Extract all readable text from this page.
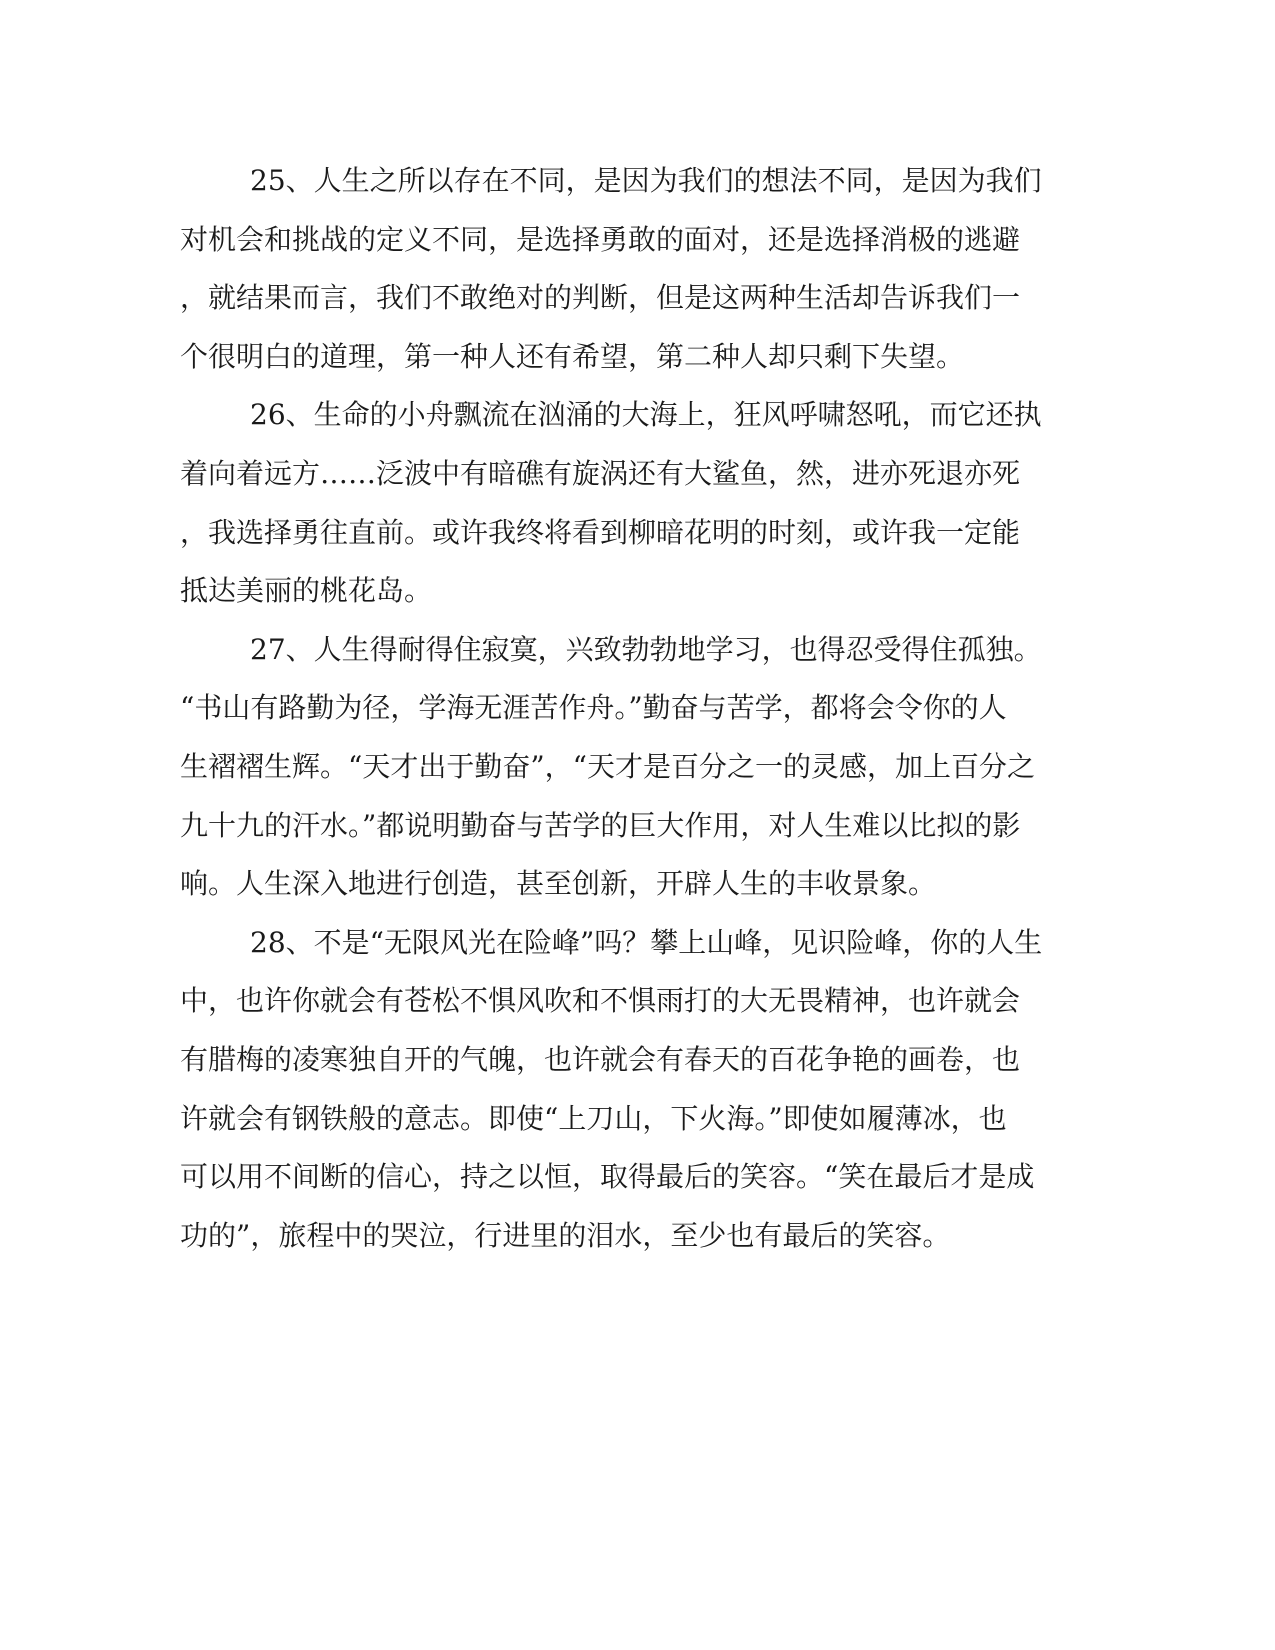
25、人生之所以存在不同，是因为我们的想法不同，是因为我们
对机会和挑战的定义不同，是选择勇敢的面对，还是选择消极的逃避
，就结果而言，我们不敢绝对的判断，但是这两种生活却告诉我们一
个很明白的道理，第一种人还有希望，第二种人却只剩下失望。
26、生命的小舟飘流在汹涌的大海上，狂风呼啸怒吼，而它还执
着向着远方……泛波中有暗礁有旋涡还有大鲨鱼，然，进亦死退亦死
，我选择勇往直前。或许我终将看到柳暗花明的时刻，或许我一定能
抵达美丽的桃花岛。
27、人生得耐得住寂寞，兴致勃勃地学习，也得忍受得住孤独。
“书山有路勤为径，学海无涯苦作舟。”勤奋与苦学，都将会令你的人
生褶褶生辉。“天才出于勤奋”，“天才是百分之一的灵感，加上百分之
九十九的汗水。”都说明勤奋与苦学的巨大作用，对人生难以比拟的影
响。人生深入地进行创造，甚至创新，开辟人生的丰收景象。
28、不是“无限风光在险峰”吗？攀上山峰，见识险峰，你的人生
中，也许你就会有苍松不惧风吹和不惧雨打的大无畏精神，也许就会
有腊梅的凌寒独自开的气魄，也许就会有春天的百花争艳的画卷，也
许就会有钢铁般的意志。即使“上刀山，下火海。”即使如履薄冰，也
可以用不间断的信心，持之以恒，取得最后的笑容。“笑在最后才是成
功的”，旅程中的哭泣，行进里的泪水，至少也有最后的笑容。
